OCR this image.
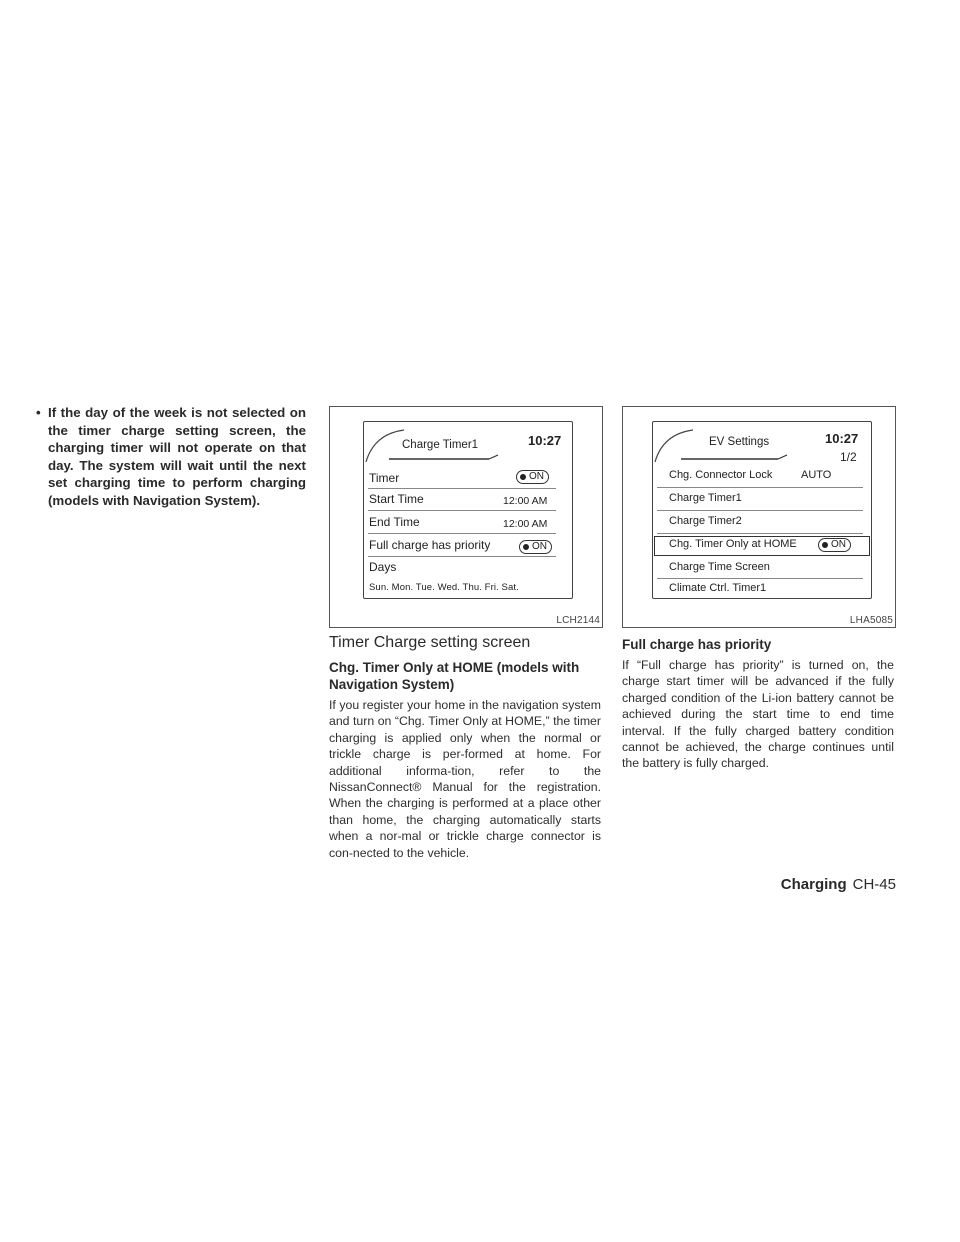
• If the day of the week is not selected on the timer charge setting screen, the charging timer will not operate on that day. The system will wait until the next set charging time to perform charging (models with Navigation System).
Charge Timer1	10:27
Timer	ON
Start Time	12:00 AM
End Time	12:00 AM
Full charge has priority	ON
Days
Sun. Mon. Tue. Wed. Thu. Fri. Sat.
LCH2144
EV Settings	10:27
1/2
Chg. Connector Lock	AUTO
Charge Timer1
Charge Timer2
Chg. Timer Only at HOME	ON
Charge Time Screen
Climate Ctrl. Timer1
LHA5085
Timer Charge setting screen
Chg. Timer Only at HOME (models with Navigation System)
If you register your home in the navigation system and turn on “Chg. Timer Only at HOME,” the timer charging is applied only when the normal or trickle charge is per-formed at home. For additional informa-tion, refer to the NissanConnect® Manual for the registration. When the charging is performed at a place other than home, the charging automatically starts when a nor-mal or trickle charge connector is con-nected to the vehicle.
Full charge has priority
If “Full charge has priority” is turned on, the charge start timer will be advanced if the fully charged condition of the Li-ion battery cannot be achieved during the start time to end time interval. If the fully charged battery condition cannot be achieved, the charge continues until the battery is fully charged.
Charging CH-45
